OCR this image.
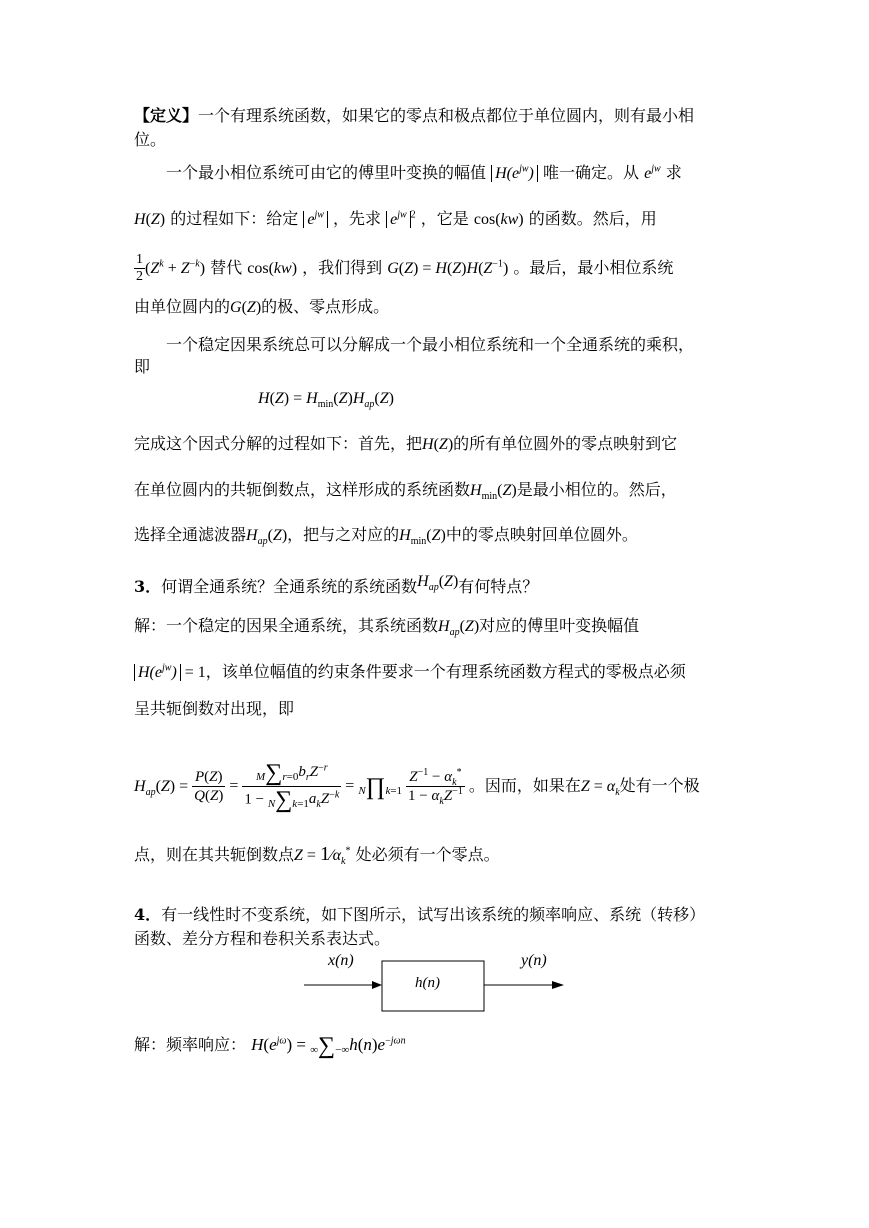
【定义】一个有理系统函数，如果它的零点和极点都位于单位圆内，则有最小相
位。
一个最小相位系统可由它的傅里叶变换的幅值 $H(e^{jw})$ 唯一确定。从 $e^{jw}$ 求
H(Z) 的过程如下：给定 $e^{jw}$ ，先求 $e^{jw}$ $^2$ ，它是 cos(kw) 的函数。然后，用
$\frac{1}{2} (Z^k + Z^{-k})$ 替代 cos(kw) ，我们得到 $G(Z) = H(Z)H(Z^{-1})$ 。最后，最小相位系统
由单位圆内的G(Z)的极、零点形成。
一个稳定因果系统总可以分解成一个最小相位系统和一个全通系统的乘积，
即
$H(Z) = H_{min}(Z)H_{ap}(Z)$
完成这个因式分解的过程如下：首先，把H(Z)的所有单位圆外的零点映射到它
在单位圆内的共轭倒数点，这样形成的系统函数$H_{min}(Z)$是最小相位的。然后，
选择全通滤波器$H_{ap}(Z)$，把与之对应的$H_{min}(Z)$中的零点映射回单位圆外。
3．何谓全通系统？全通系统的系统函数$H_{ap}(Z)$有何特点？
解：一个稳定的因果全通系统，其系统函数$H_{ap}(Z)$对应的傅里叶变换幅值
$H(e^{jw}) = 1$，该单位幅值的约束条件要求一个有理系统函数方程式的零极点必须
呈共轭倒数对出现，即
$H_{ap}(Z) = \frac{P(Z)}{Q(Z)} = \frac{M\sum r=0b_rZ^{-r}}{1 - N\sum k=1a_kZ^{-k}}$ = N∏k=1 $\frac{Z^{-1} - \alpha_k^*}{1 - \alpha_kZ^{-1}}$ 。因而，如果在$Z = \alpha_k$处有一个极
点，则在其共轭倒数点$Z = 1⁄\alpha_k^*$ 处必须有一个零点。
4．有一线性时不变系统，如下图所示，试写出该系统的频率响应、系统（转移）
函数、差分方程和卷积关系表达式。
x(n)
h(n)
y(n)
解：频率响应： $H(e^{j\omega}) = \infty\sum-\infty h(n)e^{-j\omega n}$
